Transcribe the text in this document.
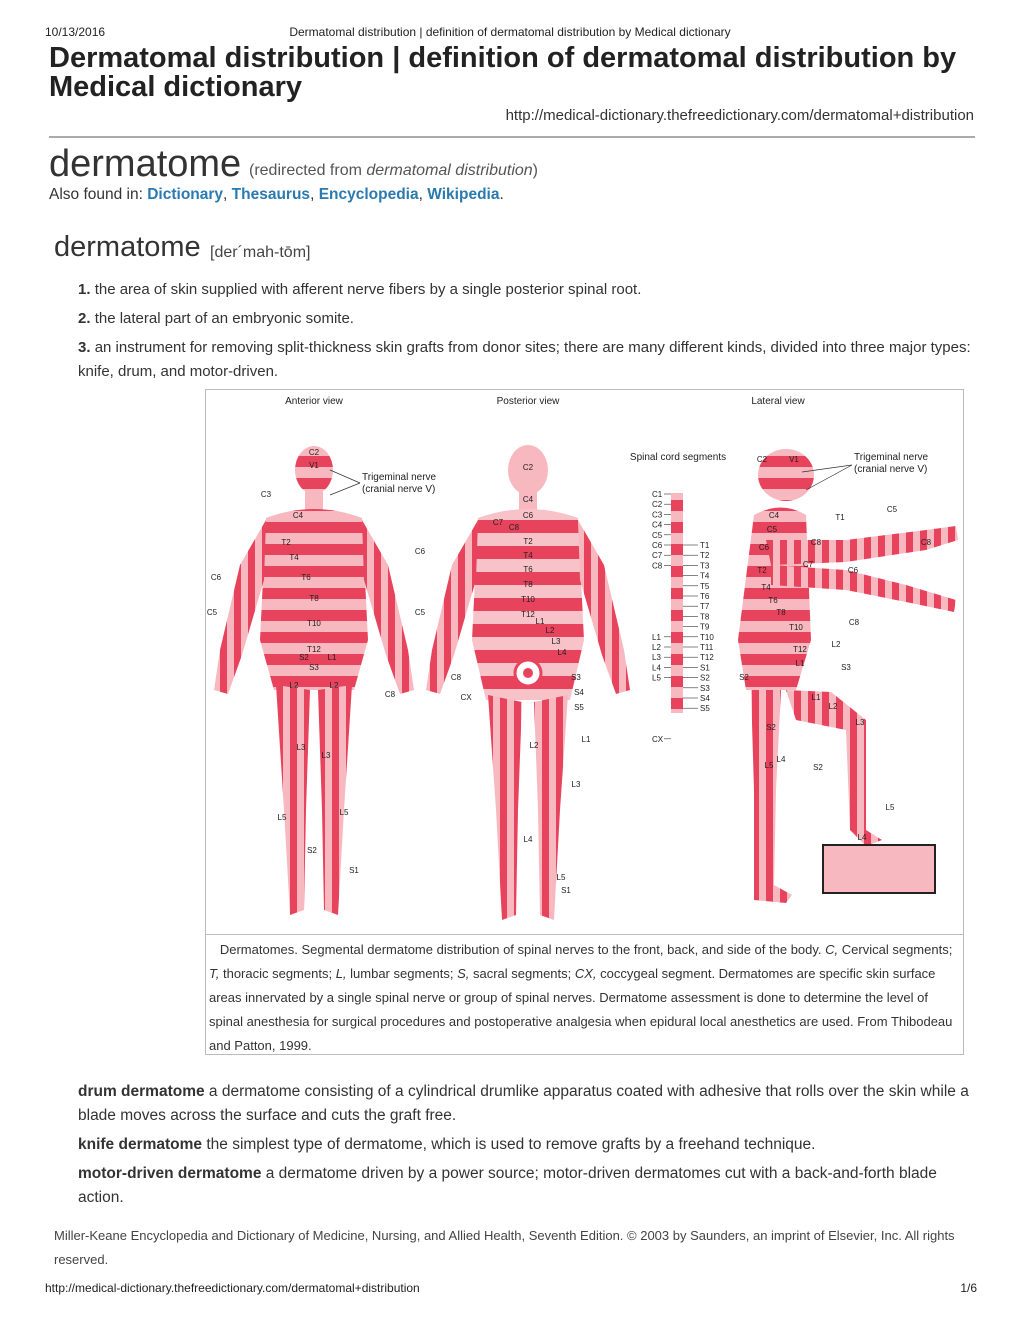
10/13/2016	Dermatomal distribution | definition of dermatomal distribution by Medical dictionary
Dermatomal distribution | definition of dermatomal distribution by Medical dictionary
http://medical-dictionary.thefreedictionary.com/dermatomal+distribution
dermatome (redirected from dermatomal distribution)
Also found in: Dictionary, Thesaurus, Encyclopedia, Wikipedia.
dermatome [der´mah-tōm]

1. the area of skin supplied with afferent nerve fibers by a single posterior spinal root.

2. the lateral part of an embryonic somite.

3. an instrument for removing split-thickness skin grafts from donor sites; there are many different kinds, divided into three major types: knife, drum, and motor-driven.

Anterior view	Posterior view	Lateral view
Spinal cord segments
C1
C2
C3
C4
C5
C6
C7
C8
L1
L2
L3
L4
L5
CX
T1
T2
T3
T4
T5
T6
T7
T8
T9
T10
T11
T12
S1
S2
S3
S4
S5
C2
V1
C3
C4
T2
T4
T6
T8
T10
T12
S2
S3
L1
L2	L2
C6
C6
C5
C5
C8
L3
L3
L5
L5
S2
S1
C2
C4
C6
C7
C8
T2
T4
T6
T8
T10
T12
L1
L2
L3
L4
S3
S4
S5
C8
CX
L1
L2
L3
L4
L5
S1
C2	V1
C4
C5
C6
T1
C5
C8	C8
C7
C6
T2
T4
T6
T8
T10
C8
T12
L1
S2
S3
L2
L1
S2
L2
L3
L5
L4
S2
L5
L4
Trigeminal nerve
(cranial nerve V)
Trigeminal nerve
(cranial nerve V)
Dermatomes. Segmental dermatome distribution of spinal nerves to the front, back, and side of the body. C, Cervical segments; T, thoracic segments; L, lumbar segments; S, sacral segments; CX, coccygeal segment. Dermatomes are specific skin surface areas innervated by a single spinal nerve or group of spinal nerves. Dermatome assessment is done to determine the level of spinal anesthesia for surgical procedures and postoperative analgesia when epidural local anesthetics are used. From Thibodeau and Patton, 1999.

drum dermatome a dermatome consisting of a cylindrical drumlike apparatus coated with adhesive that rolls over the skin while a blade moves across the surface and cuts the graft free.

knife dermatome the simplest type of dermatome, which is used to remove grafts by a freehand technique.

motor-driven dermatome a dermatome driven by a power source; motor-driven dermatomes cut with a back-and-forth blade action.

Miller-Keane Encyclopedia and Dictionary of Medicine, Nursing, and Allied Health, Seventh Edition. © 2003 by Saunders, an imprint of Elsevier, Inc. All rights reserved.
http://medical-dictionary.thefreedictionary.com/dermatomal+distribution	1/6
